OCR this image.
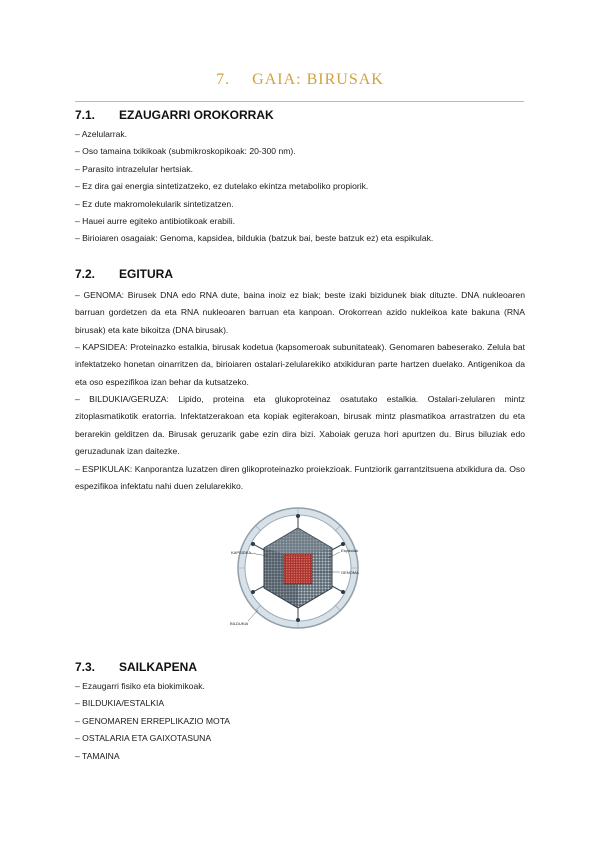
7. GAIA: BIRUSAK
7.1. EZAUGARRI OROKORRAK
– Azelularrak.
– Oso tamaina txikikoak (submikroskopikoak: 20-300 nm).
– Parasito intrazelular hertsiak.
– Ez dira gai energia sintetizatzeko, ez dutelako ekintza metaboliko propiorik.
– Ez dute makromolekularik sintetizatzen.
– Hauei aurre egiteko antibiotikoak erabili.
– Birioiaren osagaiak: Genoma, kapsidea, bildukia (batzuk bai, beste batzuk ez) eta espikulak.
7.2. EGITURA

– GENOMA: Birusek DNA edo RNA dute, baina inoiz ez biak; beste izaki bizidunek biak dituzte. DNA nukleoaren barruan gordetzen da eta RNA nukleoaren barruan eta kanpoan. Orokorrean azido nukleikoa kate bakuna (RNA birusak) eta kate bikoitza (DNA birusak).

– KAPSIDEA: Proteinazko estalkia, birusak kodetua (kapsomeroak subunitateak). Genomaren babeserako. Zelula bat infektatzeko honetan oinarritzen da, birioiaren ostalari-zelularekiko atxikiduran parte hartzen duelako. Antigenikoa da eta oso espezifikoa izan behar da kutsatzeko.

– BILDUKIA/GERUZA: Lipido, proteina eta glukoproteinaz osatutako estalkia. Ostalari-zelularen mintz zitoplasmatikotik eratorria. Infektatzerakoan eta kopiak egiterakoan, birusak mintz plasmatikoa arrastratzen du eta berarekin gelditzen da. Birusak geruzarik gabe ezin dira bizi. Xaboiak geruza hori apurtzen du. Birus biluziak edo geruzadunak izan daitezke.

– ESPIKULAK: Kanporantza luzatzen diren glikoproteinazko proiekzioak. Funtziorik garrantzitsuena atxikidura da. Oso espezifikoa infektatu nahi duen zelularekiko.

KAPSIDEA	Espikulak
GENOMA
BILDUKIA
7.3. SAILKAPENA
– Ezaugarri fisiko eta biokimikoak.
– BILDUKIA/ESTALKIA
– GENOMAREN ERREPLIKAZIO MOTA
– OSTALARIA ETA GAIXOTASUNA
– TAMAINA
